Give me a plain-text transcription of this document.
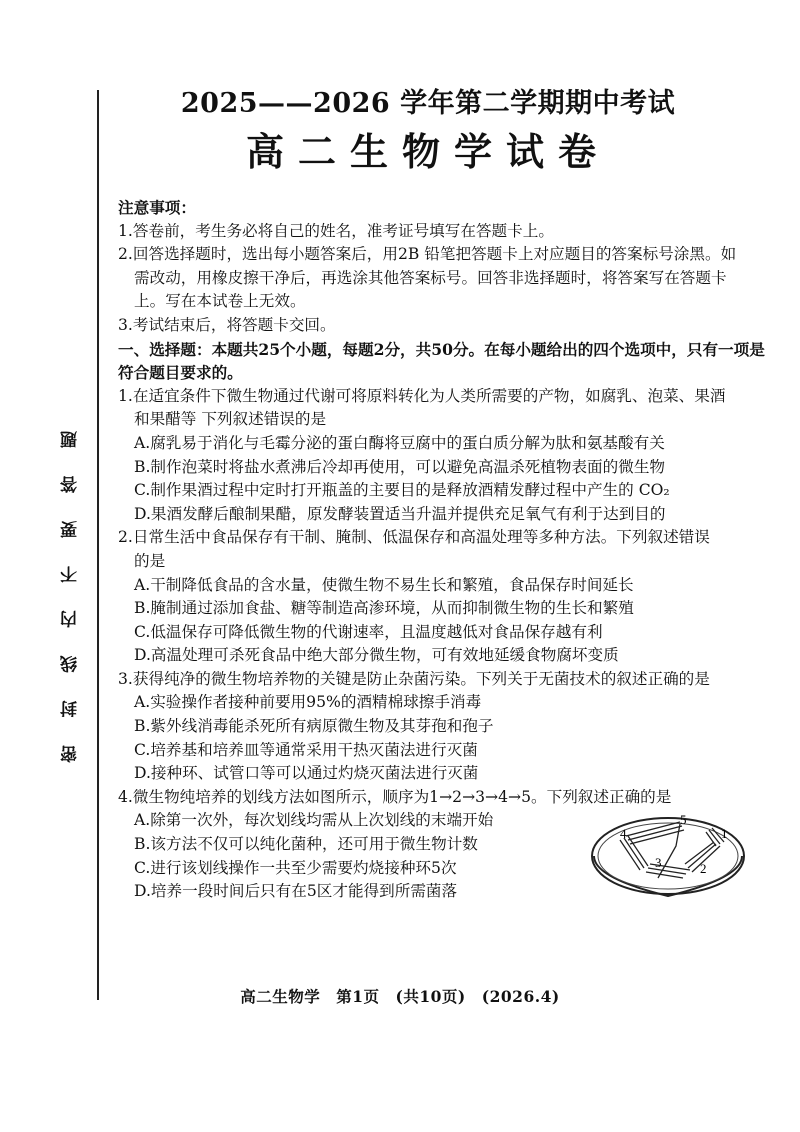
密 封 线 内 不 要 答 题

2025——2026 学年第二学期期中考试

高二生物学试卷

注意事项：

1.答卷前，考生务必将自己的姓名，准考证号填写在答题卡上。

2.回答选择题时，选出每小题答案后，用2B 铅笔把答题卡上对应题目的答案标号涂黑。如

需改动，用橡皮擦干净后，再选涂其他答案标号。回答非选择题时，将答案写在答题卡

上。写在本试卷上无效。

3.考试结束后，将答题卡交回。

一、选择题：本题共25个小题，每题2分，共50分。在每小题给出的四个选项中，只有一项是

符合题目要求的。

1.在适宜条件下微生物通过代谢可将原料转化为人类所需要的产物，如腐乳、泡菜、果酒

和果醋等 下列叙述错误的是

A.腐乳易于消化与毛霉分泌的蛋白酶将豆腐中的蛋白质分解为肽和氨基酸有关

B.制作泡菜时将盐水煮沸后冷却再使用，可以避免高温杀死植物表面的微生物

C.制作果酒过程中定时打开瓶盖的主要目的是释放酒精发酵过程中产生的 CO₂

D.果酒发酵后酿制果醋，原发酵装置适当升温并提供充足氧气有利于达到目的

2.日常生活中食品保存有干制、腌制、低温保存和高温处理等多种方法。下列叙述错误

的是

A.干制降低食品的含水量，使微生物不易生长和繁殖，食品保存时间延长

B.腌制通过添加食盐、糖等制造高渗环境，从而抑制微生物的生长和繁殖

C.低温保存可降低微生物的代谢速率，且温度越低对食品保存越有利

D.高温处理可杀死食品中绝大部分微生物，可有效地延缓食物腐坏变质

3.获得纯净的微生物培养物的关键是防止杂菌污染。下列关于无菌技术的叙述正确的是

A.实验操作者接种前要用95%的酒精棉球擦手消毒

B.紫外线消毒能杀死所有病原微生物及其芽孢和孢子

C.培养基和培养皿等通常采用干热灭菌法进行灭菌

D.接种环、试管口等可以通过灼烧灭菌法进行灭菌

4.微生物纯培养的划线方法如图所示，顺序为1→2→3→4→5。下列叙述正确的是

A.除第一次外，每次划线均需从上次划线的末端开始

B.该方法不仅可以纯化菌种，还可用于微生物计数

C.进行该划线操作一共至少需要灼烧接种环5次

D.培养一段时间后只有在5区才能得到所需菌落

1
2
3
4
5
高二生物学　第1页　(共10页)　(2026.4)
